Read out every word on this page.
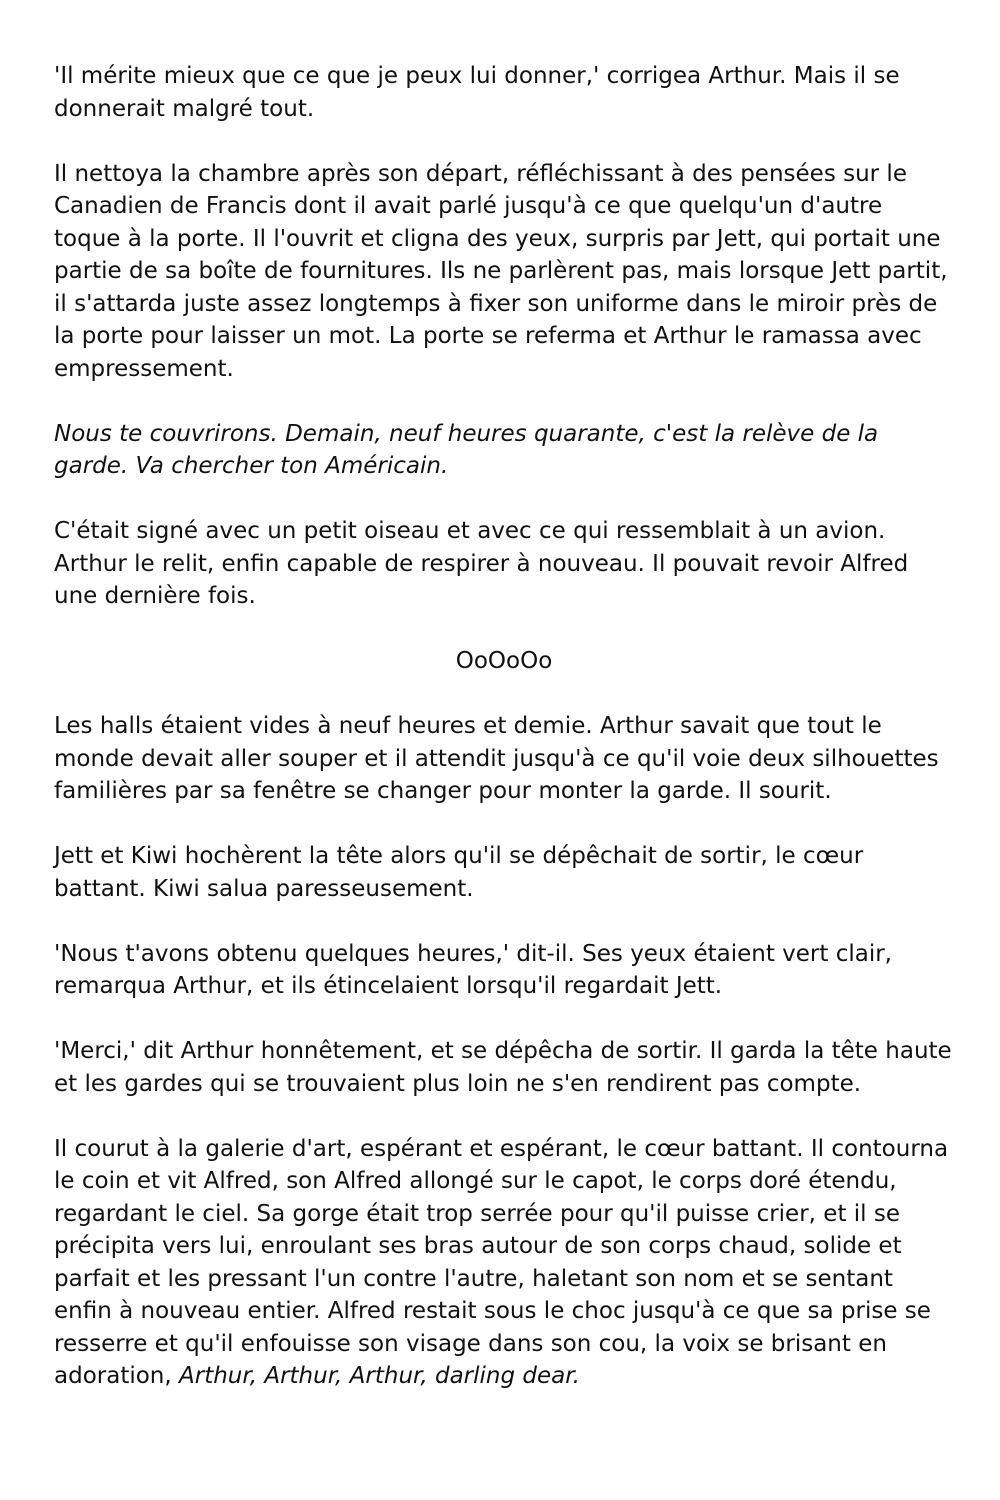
'Il mérite mieux que ce que je peux lui donner,' corrigea Arthur. Mais il se donnerait malgré tout.

Il nettoya la chambre après son départ, réfléchissant à des pensées sur le Canadien de Francis dont il avait parlé jusqu'à ce que quelqu'un d'autre toque à la porte. Il l'ouvrit et cligna des yeux, surpris par Jett, qui portait une partie de sa boîte de fournitures. Ils ne parlèrent pas, mais lorsque Jett partit, il s'attarda juste assez longtemps à fixer son uniforme dans le miroir près de la porte pour laisser un mot. La porte se referma et Arthur le ramassa avec empressement.

Nous te couvrirons. Demain, neuf heures quarante, c'est la relève de la garde. Va chercher ton Américain.

C'était signé avec un petit oiseau et avec ce qui ressemblait à un avion. Arthur le relit, enfin capable de respirer à nouveau. Il pouvait revoir Alfred une dernière fois.

OoOoOo

Les halls étaient vides à neuf heures et demie. Arthur savait que tout le monde devait aller souper et il attendit jusqu'à ce qu'il voie deux silhouettes familières par sa fenêtre se changer pour monter la garde. Il sourit.

Jett et Kiwi hochèrent la tête alors qu'il se dépêchait de sortir, le cœur battant. Kiwi salua paresseusement.

'Nous t'avons obtenu quelques heures,' dit-il. Ses yeux étaient vert clair, remarqua Arthur, et ils étincelaient lorsqu'il regardait Jett.

'Merci,' dit Arthur honnêtement, et se dépêcha de sortir. Il garda la tête haute et les gardes qui se trouvaient plus loin ne s'en rendirent pas compte.

Il courut à la galerie d'art, espérant et espérant, le cœur battant. Il contourna le coin et vit Alfred, son Alfred allongé sur le capot, le corps doré étendu, regardant le ciel. Sa gorge était trop serrée pour qu'il puisse crier, et il se précipita vers lui, enroulant ses bras autour de son corps chaud, solide et parfait et les pressant l'un contre l'autre, haletant son nom et se sentant enfin à nouveau entier. Alfred restait sous le choc jusqu'à ce que sa prise se resserre et qu'il enfouisse son visage dans son cou, la voix se brisant en adoration, Arthur, Arthur, Arthur, darling dear.
